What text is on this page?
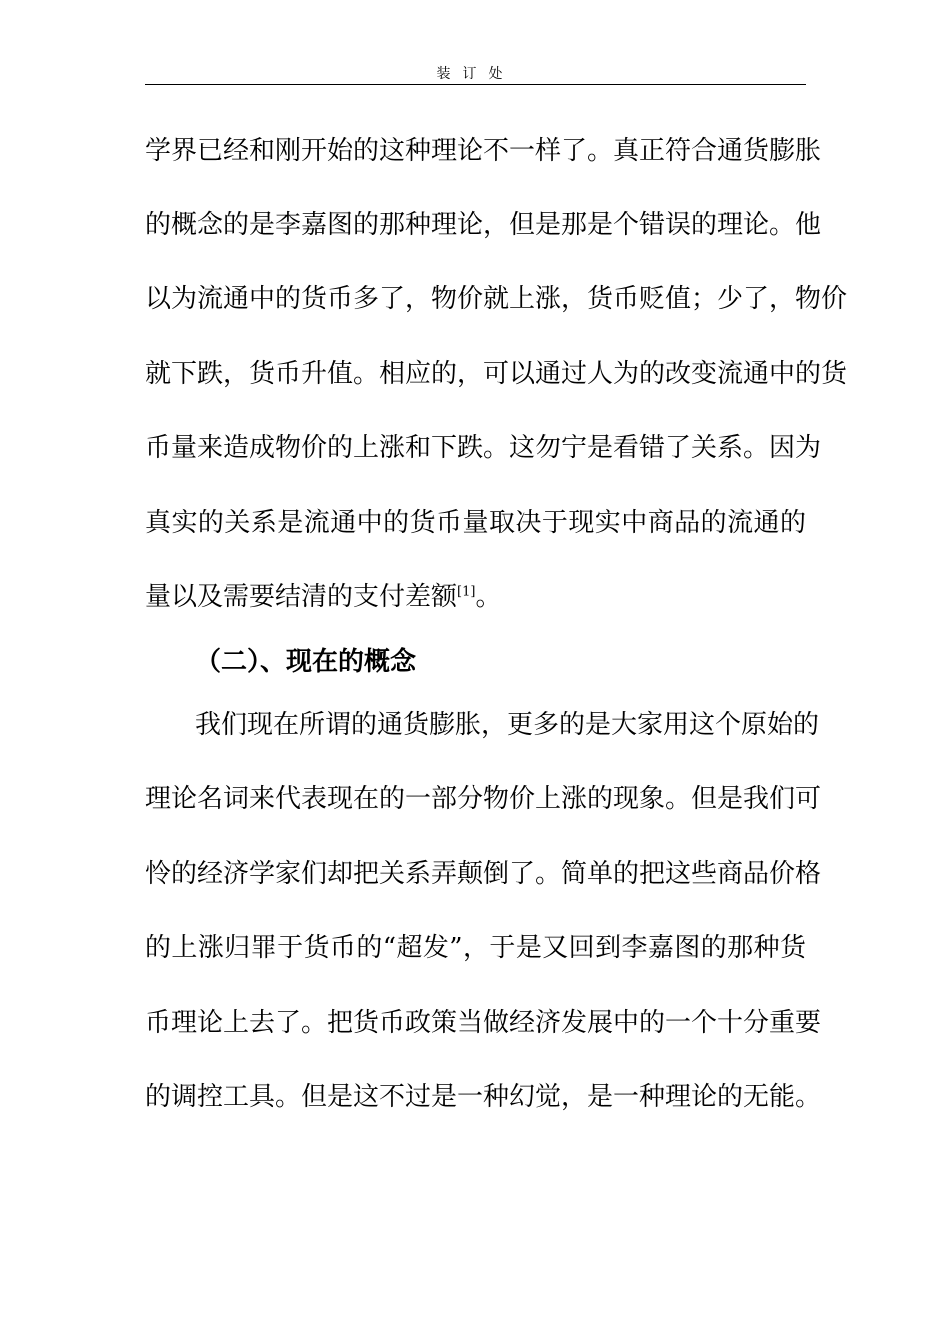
装订处
学界已经和刚开始的这种理论不一样了。真正符合通货膨胀
的概念的是李嘉图的那种理论，但是那是个错误的理论。他
以为流通中的货币多了，物价就上涨，货币贬值；少了，物价
就下跌，货币升值。相应的，可以通过人为的改变流通中的货
币量来造成物价的上涨和下跌。这勿宁是看错了关系。因为
真实的关系是流通中的货币量取决于现实中商品的流通的
量以及需要结清的支付差额[1]。
（二）、现在的概念
我们现在所谓的通货膨胀，更多的是大家用这个原始的
理论名词来代表现在的一部分物价上涨的现象。但是我们可
怜的经济学家们却把关系弄颠倒了。简单的把这些商品价格
的上涨归罪于货币的“超发”，于是又回到李嘉图的那种货
币理论上去了。把货币政策当做经济发展中的一个十分重要
的调控工具。但是这不过是一种幻觉，是一种理论的无能。
